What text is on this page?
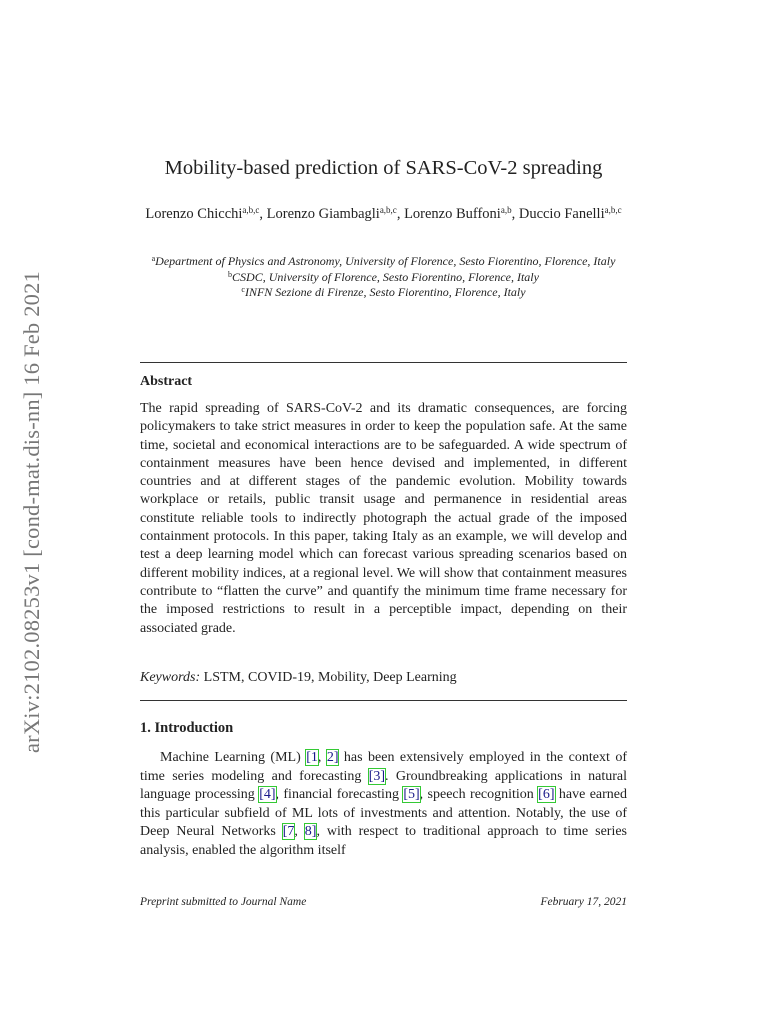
arXiv:2102.08253v1 [cond-mat.dis-nn] 16 Feb 2021
Mobility-based prediction of SARS-CoV-2 spreading
Lorenzo Chicchi$^{a,b,c}$, Lorenzo Giambagli$^{a,b,c}$, Lorenzo Buffoni$^{a,b}$, Duccio Fanelli$^{a,b,c}$
$^a$Department of Physics and Astronomy, University of Florence, Sesto Fiorentino, Florence, Italy
$^b$CSDC, University of Florence, Sesto Fiorentino, Florence, Italy
$^c$INFN Sezione di Firenze, Sesto Fiorentino, Florence, Italy
Abstract
The rapid spreading of SARS-CoV-2 and its dramatic consequences, are forcing policymakers to take strict measures in order to keep the population safe. At the same time, societal and economical interactions are to be safeguarded. A wide spectrum of containment measures have been hence devised and implemented, in different countries and at different stages of the pandemic evolution. Mobility towards workplace or retails, public transit usage and permanence in residential areas constitute reliable tools to indirectly photograph the actual grade of the imposed containment protocols. In this paper, taking Italy as an example, we will develop and test a deep learning model which can forecast various spreading scenarios based on different mobility indices, at a regional level. We will show that containment measures contribute to “flatten the curve” and quantify the minimum time frame necessary for the imposed restrictions to result in a perceptible impact, depending on their associated grade.
Keywords: LSTM, COVID-19, Mobility, Deep Learning
1. Introduction
Machine Learning (ML) [1, 2] has been extensively employed in the context of time series modeling and forecasting [3]. Groundbreaking applications in natural language processing [4], financial forecasting [5], speech recognition [6] have earned this particular subfield of ML lots of investments and attention. Notably, the use of Deep Neural Networks [7, 8], with respect to traditional approach to time series analysis, enabled the algorithm itself
Preprint submitted to Journal Name	February 17, 2021
